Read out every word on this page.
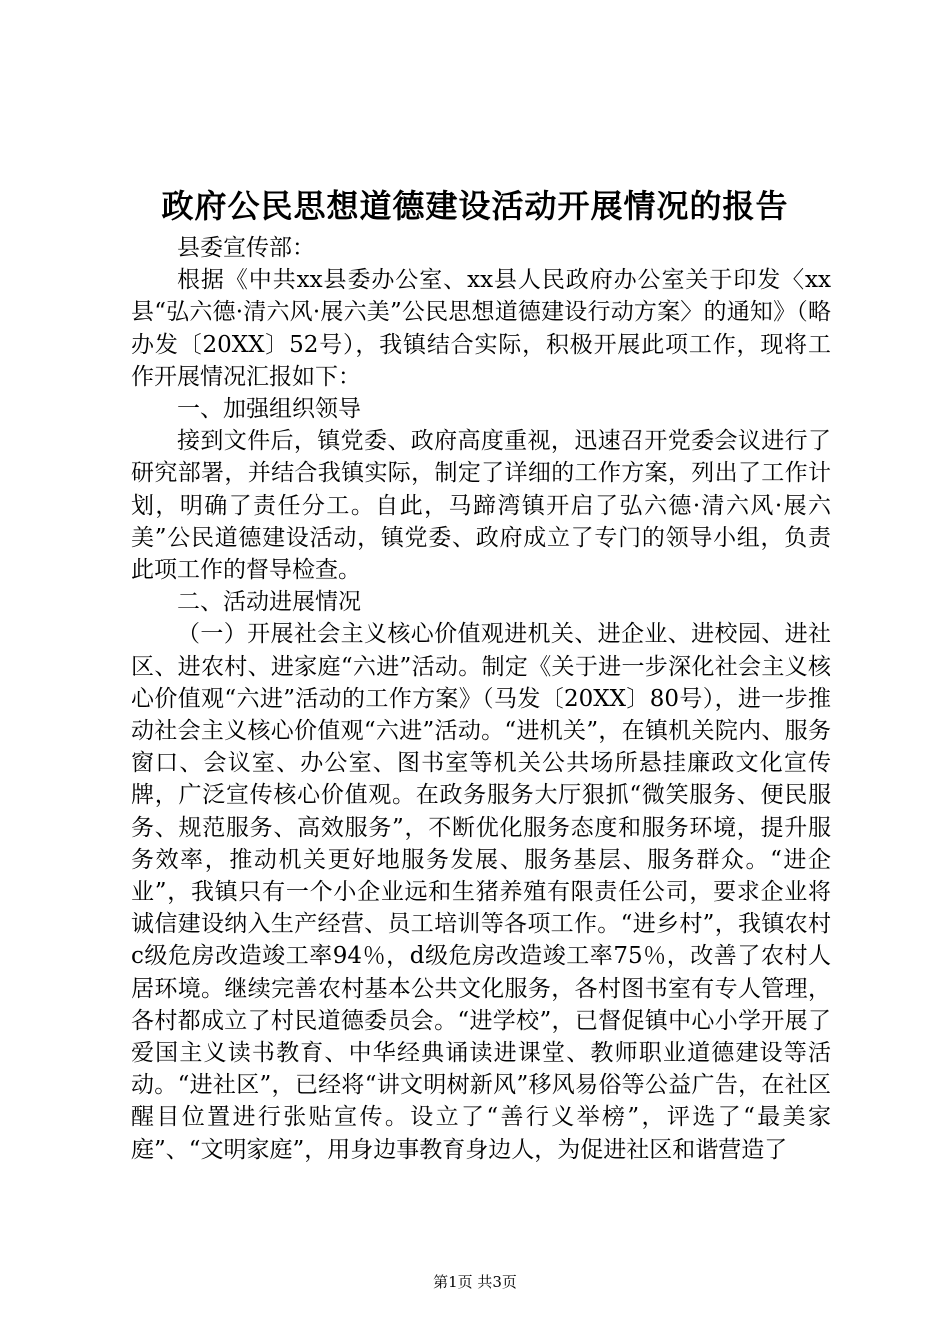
政府公民思想道德建设活动开展情况的报告

县委宣传部：

根据《中共xx县委办公室、xx县人民政府办公室关于印发〈xx县“弘六德·清六风·展六美”公民思想道德建设行动方案〉的通知》（略办发〔20XX〕52号），我镇结合实际，积极开展此项工作，现将工作开展情况汇报如下：

一、加强组织领导

接到文件后，镇党委、政府高度重视，迅速召开党委会议进行了研究部署，并结合我镇实际，制定了详细的工作方案，列出了工作计划，明确了责任分工。自此，马蹄湾镇开启了弘六德·清六风·展六美”公民道德建设活动，镇党委、政府成立了专门的领导小组，负责此项工作的督导检查。

二、活动进展情况

（一）开展社会主义核心价值观进机关、进企业、进校园、进社区、进农村、进家庭“六进”活动。制定《关于进一步深化社会主义核心价值观“六进”活动的工作方案》（马发〔20XX〕80号），进一步推动社会主义核心价值观“六进”活动。“进机关”，在镇机关院内、服务窗口、会议室、办公室、图书室等机关公共场所悬挂廉政文化宣传牌，广泛宣传核心价值观。在政务服务大厅狠抓“微笑服务、便民服务、规范服务、高效服务”，不断优化服务态度和服务环境，提升服务效率，推动机关更好地服务发展、服务基层、服务群众。“进企业”，我镇只有一个小企业远和生猪养殖有限责任公司，要求企业将诚信建设纳入生产经营、员工培训等各项工作。“进乡村”，我镇农村c级危房改造竣工率94％，d级危房改造竣工率75％，改善了农村人居环境。继续完善农村基本公共文化服务，各村图书室有专人管理，各村都成立了村民道德委员会。“进学校”，已督促镇中心小学开展了爱国主义读书教育、中华经典诵读进课堂、教师职业道德建设等活动。“进社区”，已经将“讲文明树新风”移风易俗等公益广告，在社区醒目位置进行张贴宣传。设立了“善行义举榜”，评选了“最美家庭”、“文明家庭”，用身边事教育身边人，为促进社区和谐营造了

第1页 共3页
